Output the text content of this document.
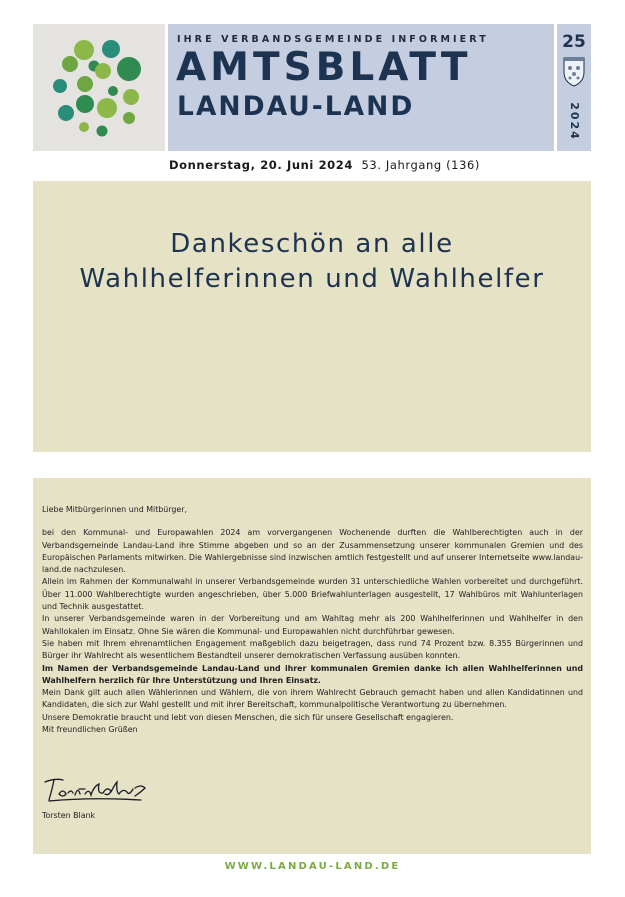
IHRE VERBANDSGEMEINDE INFORMIERT
AMTSBLATT
LANDAU-LAND
25
2024
Donnerstag, 20. Juni 2024 53. Jahrgang (136)
Dankeschön an alle
Wahlhelferinnen und Wahlhelfer

Liebe Mitbürgerinnen und Mitbürger,

bei den Kommunal- und Europawahlen 2024 am vorvergangenen Wochenende durften die Wahlberechtigten auch in der Verbandsgemeinde Landau-Land ihre Stimme abgeben und so an der Zusammensetzung unserer kommunalen Gremien und des Europäischen Parlaments mitwirken. Die Wahlergebnisse sind inzwischen amtlich festgestellt und auf unserer Internetseite www.landau-land.de nachzulesen.

Allein im Rahmen der Kommunalwahl in unserer Verbandsgemeinde wurden 31 unterschiedliche Wahlen vorbereitet und durchgeführt. Über 11.000 Wahlberechtigte wurden angeschrieben, über 5.000 Briefwahlunterlagen ausgestellt, 17 Wahlbüros mit Wahlunterlagen und Technik ausgestattet.

In unserer Verbandsgemeinde waren in der Vorbereitung und am Wahltag mehr als 200 Wahlhelferinnen und Wahlhelfer in den Wahllokalen im Einsatz. Ohne Sie wären die Kommunal- und Europawahlen nicht durchführbar gewesen.

Sie haben mit Ihrem ehrenamtlichen Engagement maßgeblich dazu beigetragen, dass rund 74 Prozent bzw. 8.355 Bürgerinnen und Bürger ihr Wahlrecht als wesentlichem Bestandteil unserer demokratischen Verfassung ausüben konnten.

Im Namen der Verbandsgemeinde Landau-Land und ihrer kommunalen Gremien danke ich allen Wahlhelferinnen und Wahlhelfern herzlich für Ihre Unterstützung und Ihren Einsatz.

Mein Dank gilt auch allen Wählerinnen und Wählern, die von ihrem Wahlrecht Gebrauch gemacht haben und allen Kandidatinnen und Kandidaten, die sich zur Wahl gestellt und mit ihrer Bereitschaft, kommunalpolitische Verantwortung zu übernehmen.

Unsere Demokratie braucht und lebt von diesen Menschen, die sich für unsere Gesellschaft engagieren.

Mit freundlichen Grüßen

Torsten Blank
WWW.LANDAU-LAND.DE
